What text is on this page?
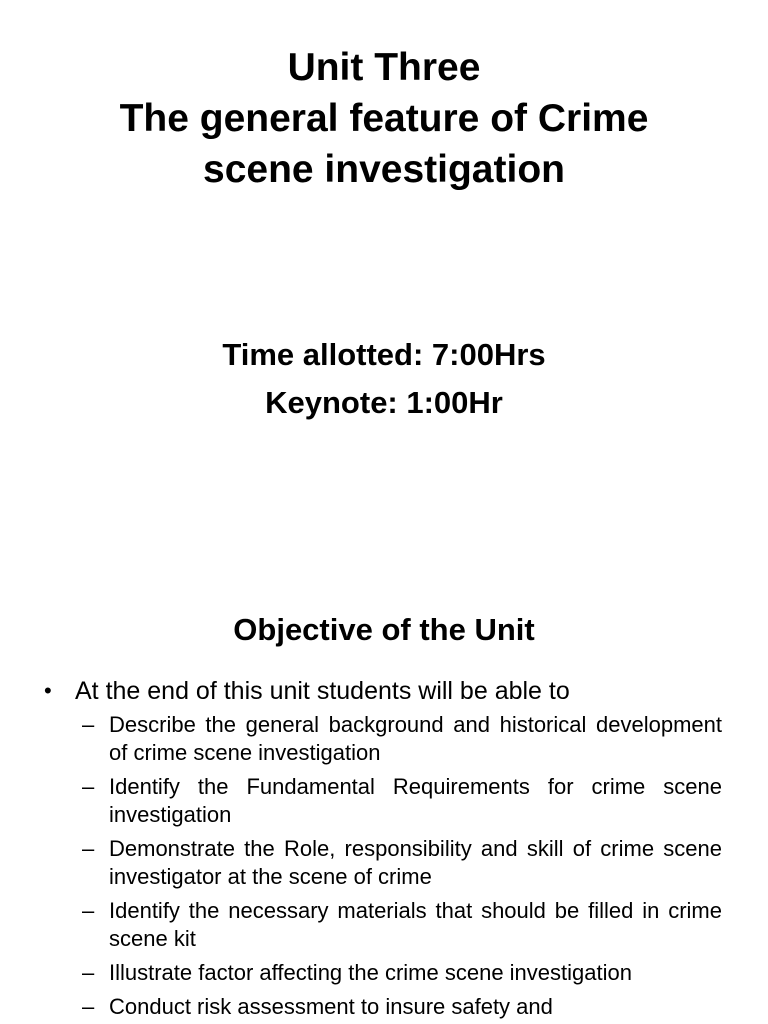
Unit Three
The general feature of Crime
scene investigation
Time allotted: 7:00Hrs
Keynote: 1:00Hr
Objective of the Unit
• At the end of this unit students will be able to
– Describe the general background and historical development of crime scene investigation
– Identify the Fundamental Requirements for crime scene investigation
– Demonstrate the Role, responsibility and skill of crime scene investigator at the scene of crime
– Identify the necessary materials that should be filled in crime scene kit
– Illustrate factor affecting the crime scene investigation
– Conduct risk assessment to insure safety and
